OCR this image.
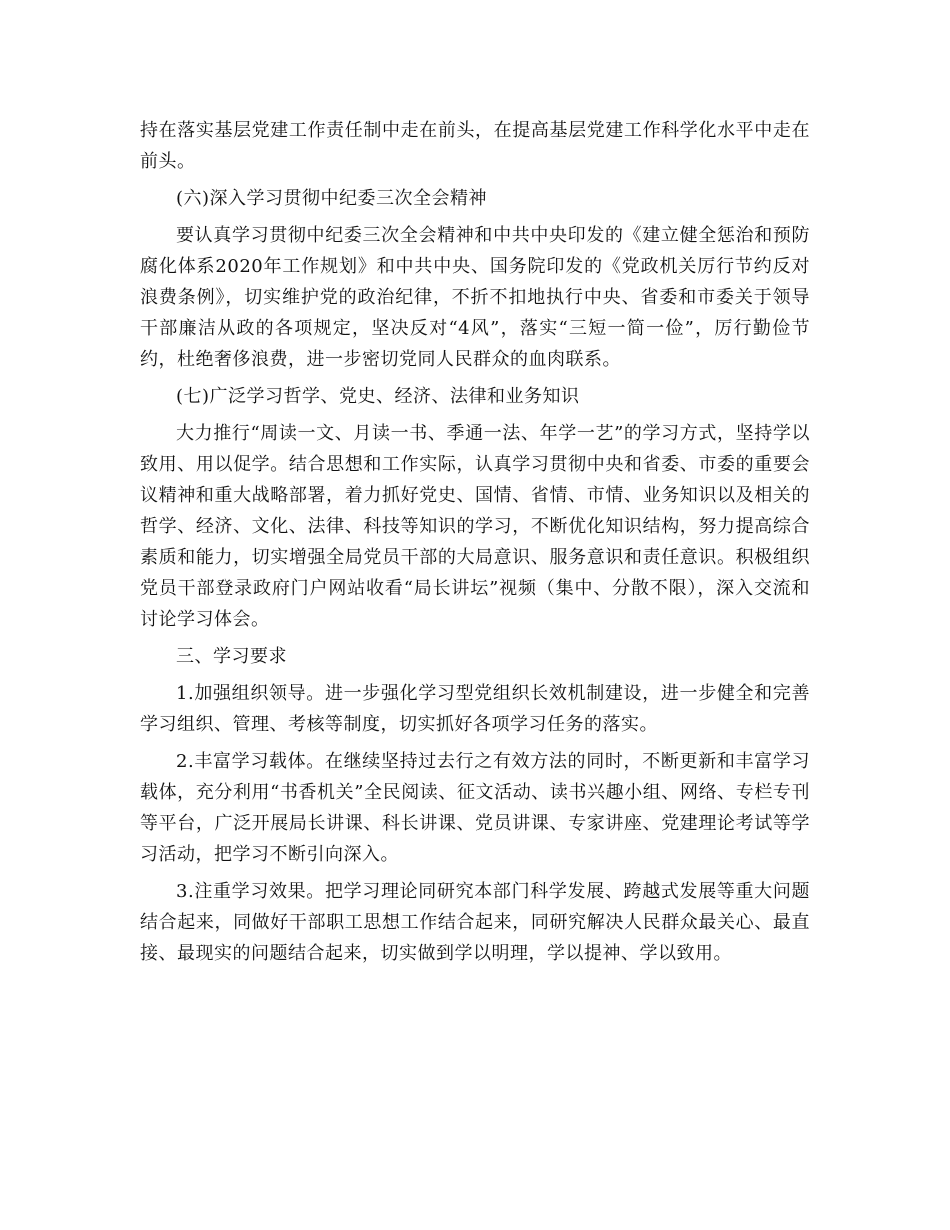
持在落实基层党建工作责任制中走在前头，在提高基层党建工作科学化水平中走在前头。

(六)深入学习贯彻中纪委三次全会精神

要认真学习贯彻中纪委三次全会精神和中共中央印发的《建立健全惩治和预防腐化体系2020年工作规划》和中共中央、国务院印发的《党政机关厉行节约反对浪费条例》，切实维护党的政治纪律，不折不扣地执行中央、省委和市委关于领导干部廉洁从政的各项规定，坚决反对“4风”，落实“三短一简一俭”，厉行勤俭节约，杜绝奢侈浪费，进一步密切党同人民群众的血肉联系。

(七)广泛学习哲学、党史、经济、法律和业务知识

大力推行“周读一文、月读一书、季通一法、年学一艺”的学习方式，坚持学以致用、用以促学。结合思想和工作实际，认真学习贯彻中央和省委、市委的重要会议精神和重大战略部署，着力抓好党史、国情、省情、市情、业务知识以及相关的哲学、经济、文化、法律、科技等知识的学习，不断优化知识结构，努力提高综合素质和能力，切实增强全局党员干部的大局意识、服务意识和责任意识。积极组织党员干部登录政府门户网站收看“局长讲坛”视频（集中、分散不限），深入交流和讨论学习体会。

三、学习要求

1.加强组织领导。进一步强化学习型党组织长效机制建设，进一步健全和完善学习组织、管理、考核等制度，切实抓好各项学习任务的落实。

2.丰富学习载体。在继续坚持过去行之有效方法的同时，不断更新和丰富学习载体，充分利用“书香机关”全民阅读、征文活动、读书兴趣小组、网络、专栏专刊等平台，广泛开展局长讲课、科长讲课、党员讲课、专家讲座、党建理论考试等学习活动，把学习不断引向深入。

3.注重学习效果。把学习理论同研究本部门科学发展、跨越式发展等重大问题结合起来，同做好干部职工思想工作结合起来，同研究解决人民群众最关心、最直接、最现实的问题结合起来，切实做到学以明理，学以提神、学以致用。
